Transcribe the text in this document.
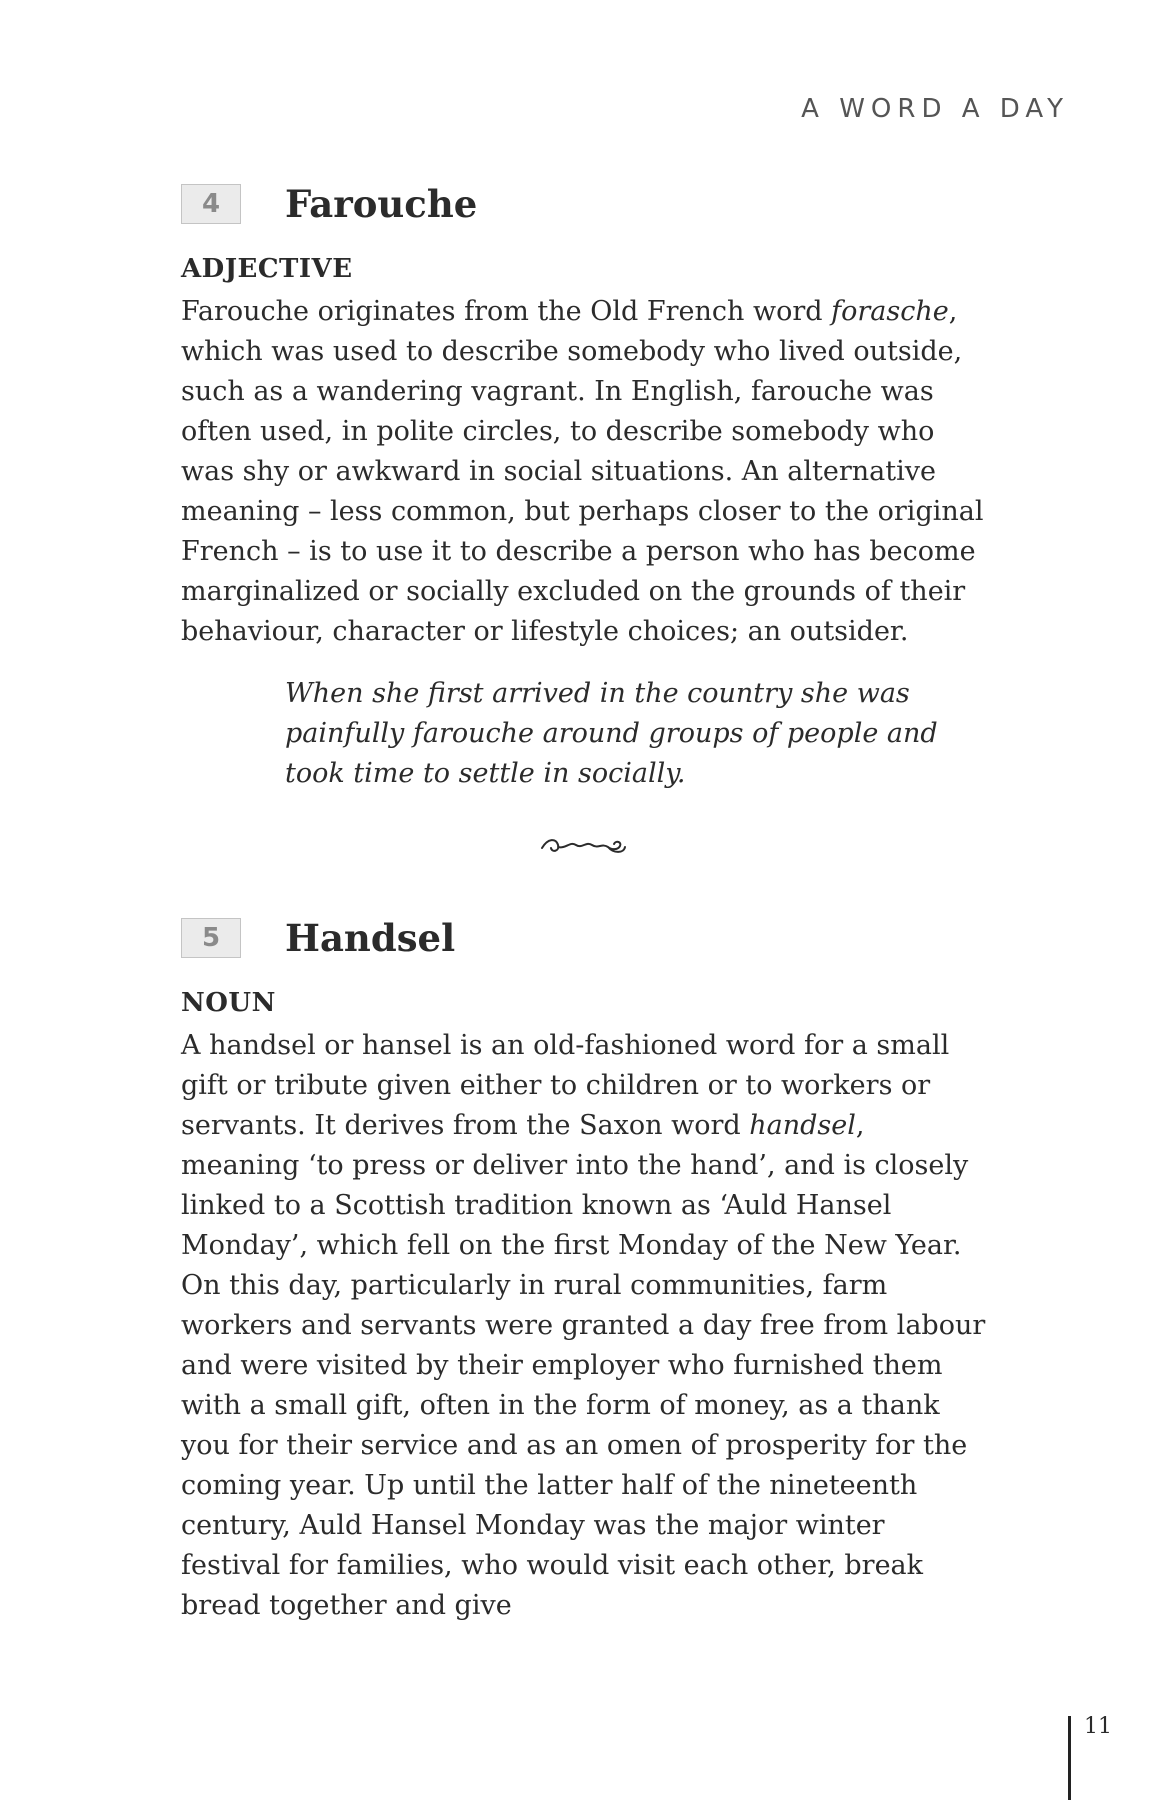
A WORD A DAY

4	Farouche

ADJECTIVE

Farouche originates from the Old French word forasche, which was used to describe somebody who lived outside, such as a wandering vagrant. In English, farouche was often used, in polite circles, to describe somebody who was shy or awkward in social situations. An alternative meaning – less common, but perhaps closer to the original French – is to use it to describe a person who has become marginalized or socially excluded on the grounds of their behaviour, character or lifestyle choices; an outsider.

When she first arrived in the country she was painfully farouche around groups of people and took time to settle in socially.

5	Handsel

NOUN

A handsel or hansel is an old-fashioned word for a small gift or tribute given either to children or to workers or servants. It derives from the Saxon word handsel, meaning ‘to press or deliver into the hand’, and is closely linked to a Scottish tradition known as ‘Auld Hansel Monday’, which fell on the first Monday of the New Year. On this day, particularly in rural communities, farm workers and servants were granted a day free from labour and were visited by their employer who furnished them with a small gift, often in the form of money, as a thank you for their service and as an omen of prosperity for the coming year. Up until the latter half of the nineteenth century, Auld Hansel Monday was the major winter festival for families, who would visit each other, break bread together and give

11
